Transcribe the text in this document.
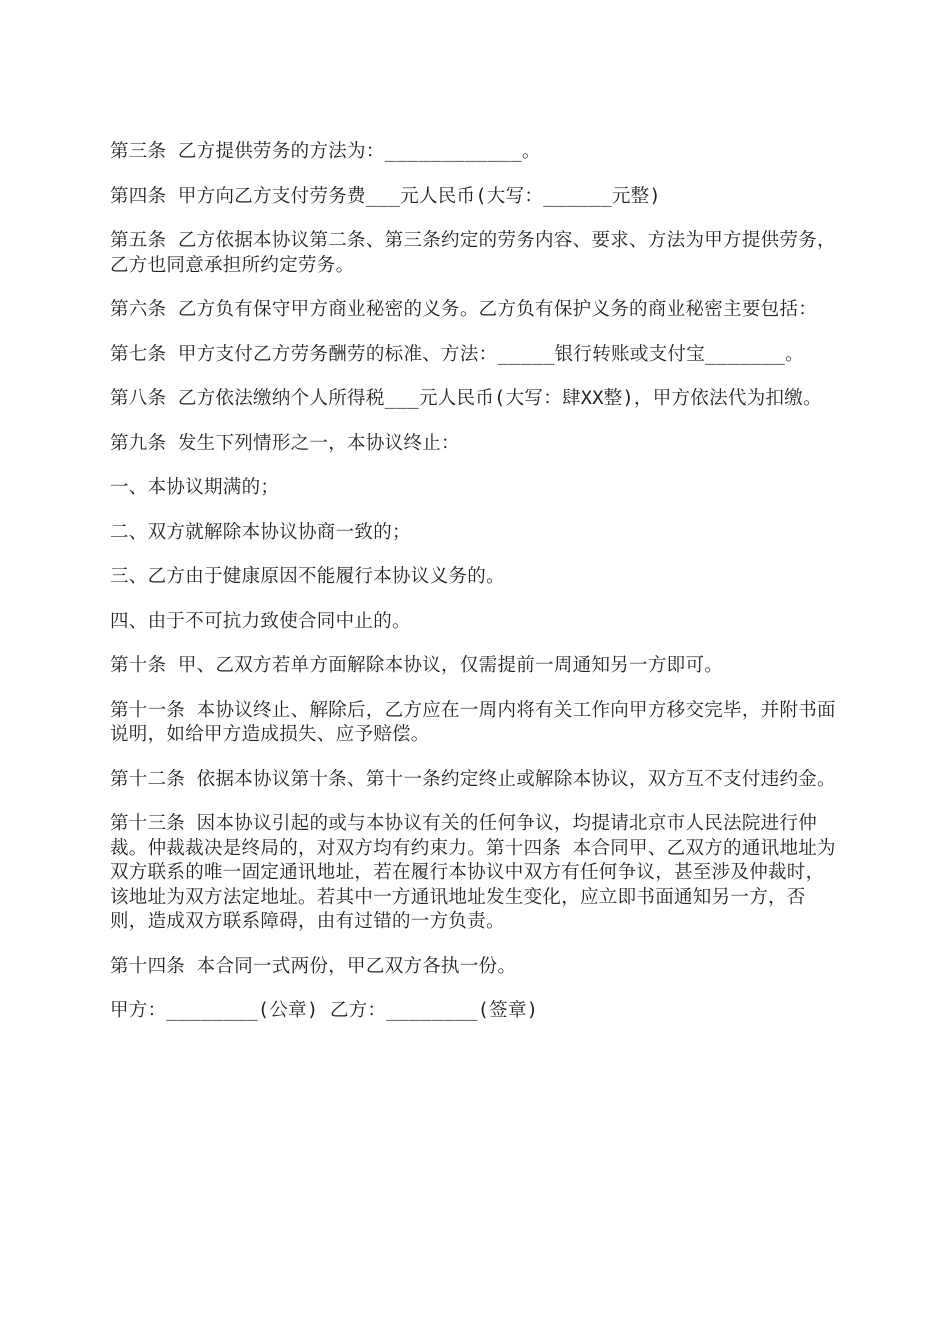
第三条 乙方提供劳务的方法为：____________。

第四条 甲方向乙方支付劳务费___元人民币(大写：______元整)

第五条 乙方依据本协议第二条、第三条约定的劳务内容、要求、方法为甲方提供劳务，乙方也同意承担所约定劳务。

第六条 乙方负有保守甲方商业秘密的义务。乙方负有保护义务的商业秘密主要包括：

第七条 甲方支付乙方劳务酬劳的标准、方法：_____银行转账或支付宝_______。

第八条 乙方依法缴纳个人所得税___元人民币(大写：肆XX整)，甲方依法代为扣缴。

第九条 发生下列情形之一，本协议终止：

一、本协议期满的；

二、双方就解除本协议协商一致的；

三、乙方由于健康原因不能履行本协议义务的。

四、由于不可抗力致使合同中止的。

第十条 甲、乙双方若单方面解除本协议，仅需提前一周通知另一方即可。

第十一条 本协议终止、解除后，乙方应在一周内将有关工作向甲方移交完毕，并附书面说明，如给甲方造成损失、应予赔偿。

第十二条 依据本协议第十条、第十一条约定终止或解除本协议，双方互不支付违约金。

第十三条 因本协议引起的或与本协议有关的任何争议，均提请北京市人民法院进行仲裁。仲裁裁决是终局的，对双方均有约束力。第十四条 本合同甲、乙双方的通讯地址为双方联系的唯一固定通讯地址，若在履行本协议中双方有任何争议，甚至涉及仲裁时，该地址为双方法定地址。若其中一方通讯地址发生变化，应立即书面通知另一方，否则，造成双方联系障碍，由有过错的一方负责。

第十四条 本合同一式两份，甲乙双方各执一份。

甲方：________(公章) 乙方：________(签章)
